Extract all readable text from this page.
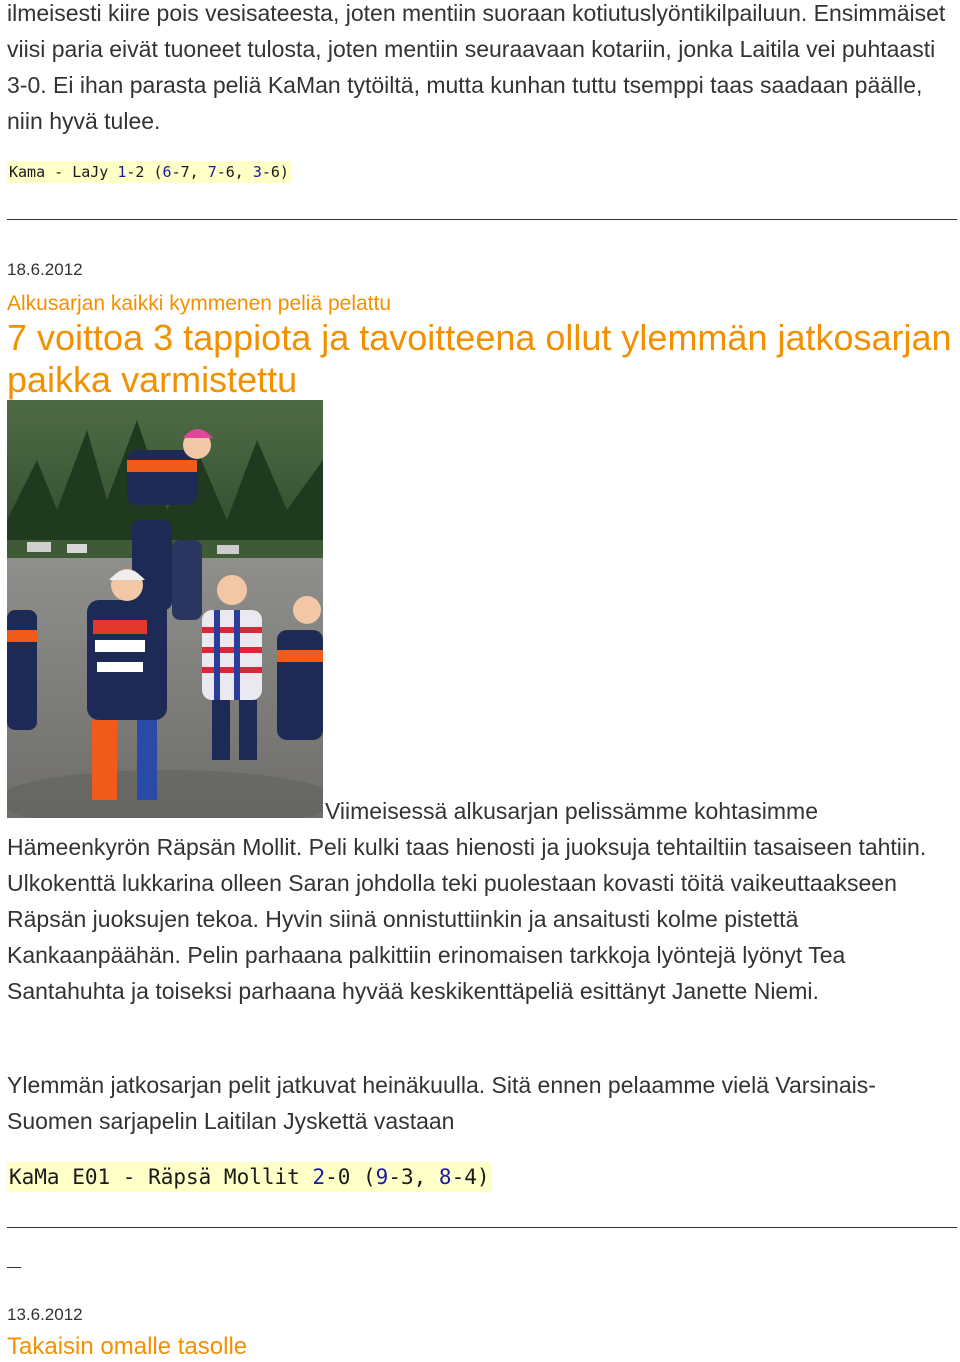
ilmeisesti kiire pois vesisateesta, joten mentiin suoraan kotiutuslyöntikilpailuun. Ensimmäiset viisi paria eivät tuoneet tulosta, joten mentiin seuraavaan kotariin, jonka Laitila vei puhtaasti 3-0. Ei ihan parasta peliä KaMan tytöiltä, mutta kunhan tuttu tsemppi taas saadaan päälle, niin hyvä tulee.

Kama - LaJy 1-2 (6-7, 7-6, 3-6)
18.6.2012
Alkusarjan kaikki kymmenen peliä pelattu
7 voittoa 3 tappiota ja tavoitteena ollut ylemmän jatkosarjan paikka varmistettu
Viimeisessä alkusarjan pelissämme kohtasimme

Hämeenkyrön Räpsän Mollit. Peli kulki taas hienosti ja juoksuja tehtailtiin tasaiseen tahtiin. Ulkokenttä lukkarina olleen Saran johdolla teki puolestaan kovasti töitä vaikeuttaakseen Räpsän juoksujen tekoa. Hyvin siinä onnistuttiinkin ja ansaitusti kolme pistettä Kankaanpäähän. Pelin parhaana palkittiin erinomaisen tarkkoja lyöntejä lyönyt Tea Santahuhta ja toiseksi parhaana hyvää keskikenttäpeliä esittänyt Janette Niemi.

Ylemmän jatkosarjan pelit jatkuvat heinäkuulla. Sitä ennen pelaamme vielä Varsinais-Suomen sarjapelin Laitilan Jyskettä vastaan

KaMa E01 - Räpsä Mollit 2-0 (9-3, 8-4)
13.6.2012
Takaisin omalle tasolle
